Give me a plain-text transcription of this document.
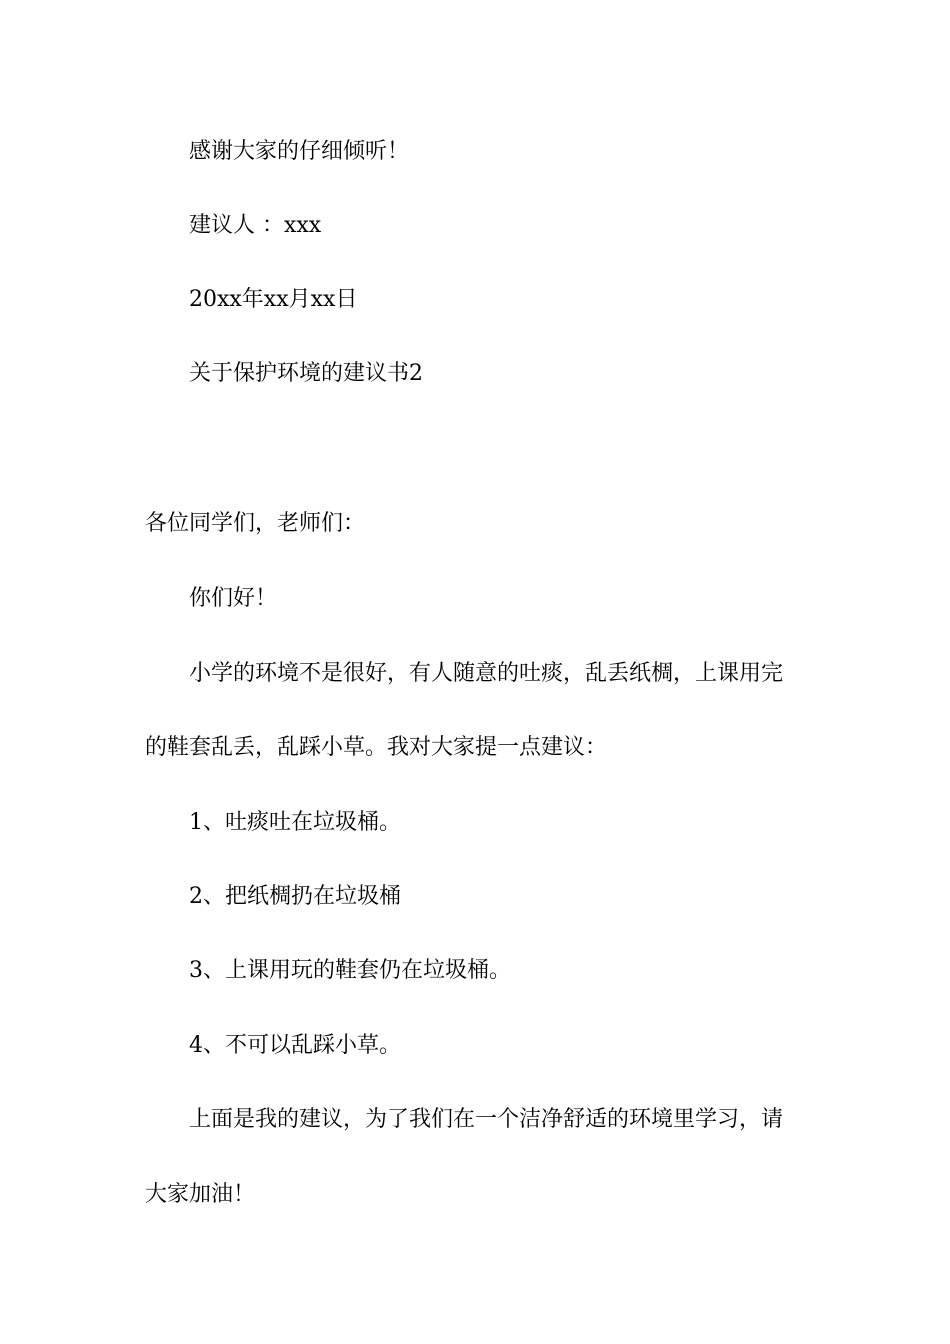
感谢大家的仔细倾听！
建议人 ：xxx
20xx年xx月xx日
关于保护环境的建议书2
各位同学们，老师们：
你们好！
小学的环境不是很好，有人随意的吐痰，乱丢纸椆，上课用完
的鞋套乱丢，乱踩小草。我对大家提一点建议：
1、吐痰吐在垃圾桶。
2、把纸椆扔在垃圾桶
3、上课用玩的鞋套仍在垃圾桶。
4、不可以乱踩小草。
上面是我的建议，为了我们在一个洁净舒适的环境里学习，请
大家加油！
